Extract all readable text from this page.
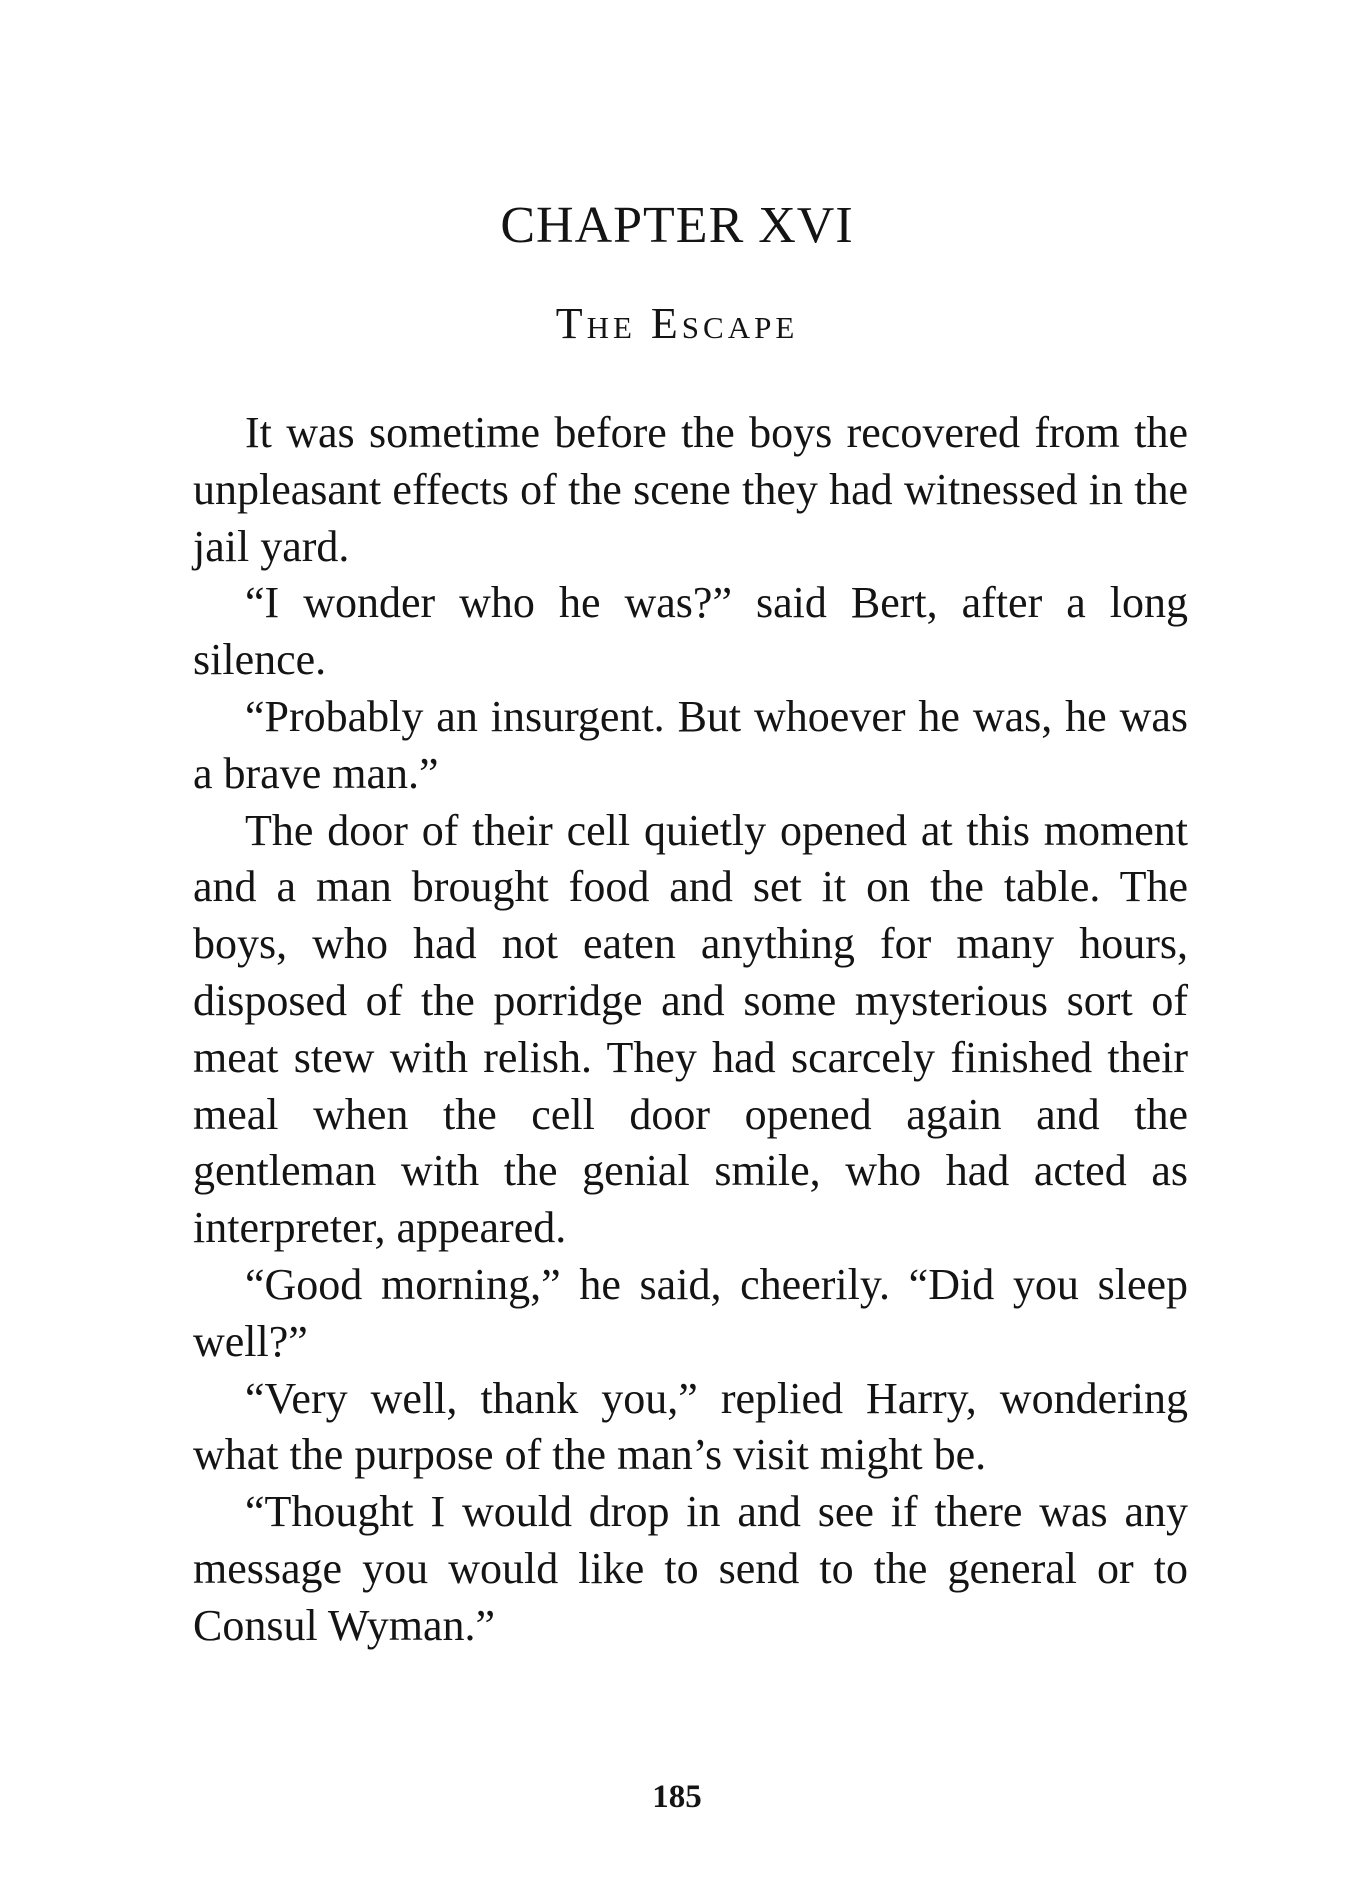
CHAPTER XVI
The Escape

It was sometime before the boys recovered from the unpleasant effects of the scene they had witnessed in the jail yard.

“I wonder who he was?” said Bert, after a long silence.

“Probably an insurgent. But whoever he was, he was a brave man.”

The door of their cell quietly opened at this moment and a man brought food and set it on the table. The boys, who had not eaten anything for many hours, disposed of the porridge and some mysterious sort of meat stew with relish. They had scarcely finished their meal when the cell door opened again and the gentleman with the genial smile, who had acted as interpreter, appeared.

“Good morning,” he said, cheerily. “Did you sleep well?”

“Very well, thank you,” replied Harry, wondering what the purpose of the man’s visit might be.

“Thought I would drop in and see if there was any message you would like to send to the general or to Consul Wyman.”

185
